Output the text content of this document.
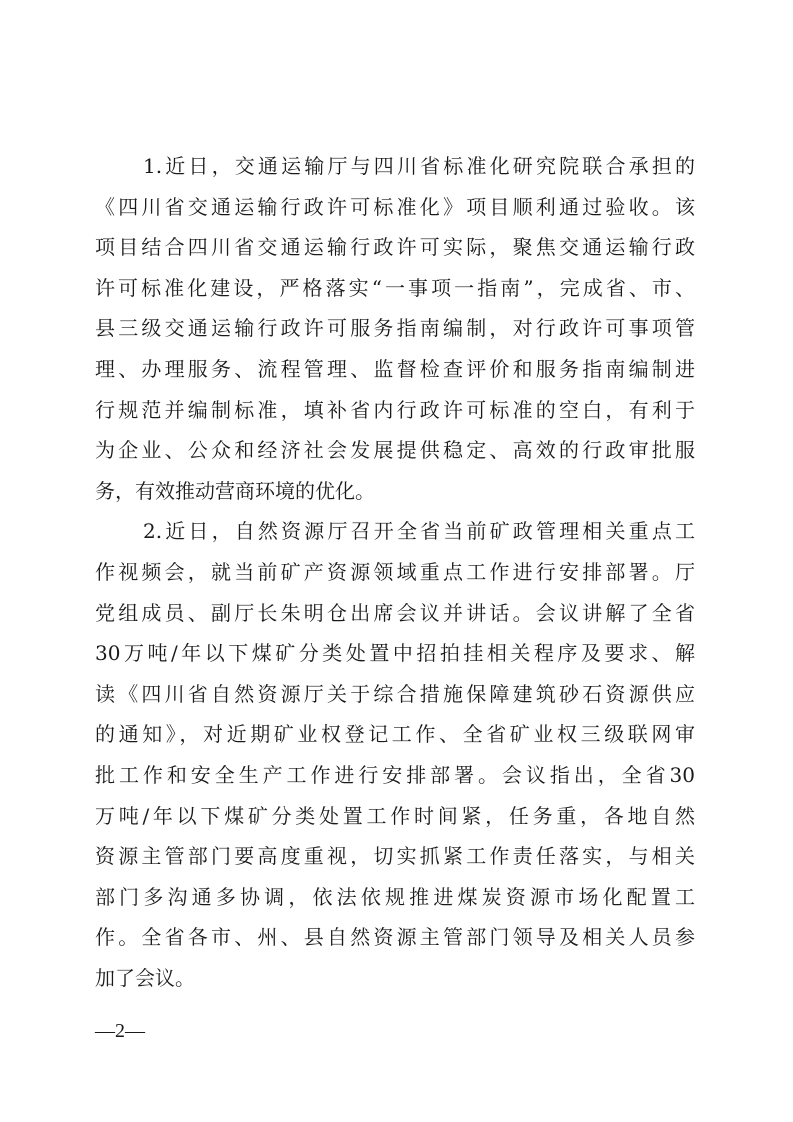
1.近日，交通运输厅与四川省标准化研究院联合承担的
《四川省交通运输行政许可标准化》项目顺利通过验收。该
项目结合四川省交通运输行政许可实际，聚焦交通运输行政
许可标准化建设，严格落实“一事项一指南”，完成省、市、
县三级交通运输行政许可服务指南编制，对行政许可事项管
理、办理服务、流程管理、监督检查评价和服务指南编制进
行规范并编制标准，填补省内行政许可标准的空白，有利于
为企业、公众和经济社会发展提供稳定、高效的行政审批服
务，有效推动营商环境的优化。
2.近日，自然资源厅召开全省当前矿政管理相关重点工
作视频会，就当前矿产资源领域重点工作进行安排部署。厅
党组成员、副厅长朱明仓出席会议并讲话。会议讲解了全省
30万吨/年以下煤矿分类处置中招拍挂相关程序及要求、解
读《四川省自然资源厅关于综合措施保障建筑砂石资源供应
的通知》，对近期矿业权登记工作、全省矿业权三级联网审
批工作和安全生产工作进行安排部署。会议指出，全省30
万吨/年以下煤矿分类处置工作时间紧，任务重，各地自然
资源主管部门要高度重视，切实抓紧工作责任落实，与相关
部门多沟通多协调，依法依规推进煤炭资源市场化配置工
作。全省各市、州、县自然资源主管部门领导及相关人员参
加了会议。
—2—
